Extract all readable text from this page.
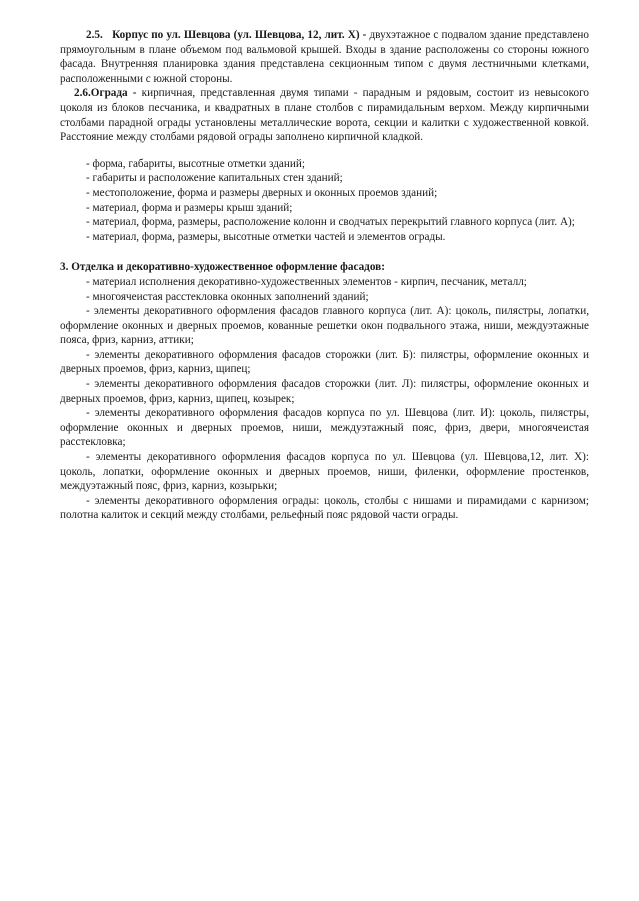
2.5. Корпус по ул. Шевцова (ул. Шевцова, 12, лит. Х) - двухэтажное с подвалом здание представлено прямоугольным в плане объемом под вальмовой крышей. Входы в здание расположены со стороны южного фасада. Внутренняя планировка здания представлена секционным типом с двумя лестничными клетками, расположенными с южной стороны.

2.6.Ограда - кирпичная, представленная двумя типами - парадным и рядовым, состоит из невысокого цоколя из блоков песчаника, и квадратных в плане столбов с пирамидальным верхом. Между кирпичными столбами парадной ограды установлены металлические ворота, секции и калитки с художественной ковкой. Расстояние между столбами рядовой ограды заполнено кирпичной кладкой.

- форма, габариты, высотные отметки зданий;

- габариты и расположение капитальных стен зданий;

- местоположение, форма и размеры дверных и оконных проемов зданий;

- материал, форма и размеры крыш зданий;

- материал, форма, размеры, расположение колонн и сводчатых перекрытий главного корпуса (лит. А);

- материал, форма, размеры, высотные отметки частей и элементов ограды.

3. Отделка и декоративно-художественное оформление фасадов:

- материал исполнения декоративно-художественных элементов - кирпич, песчаник, металл;

- многоячеистая расстекловка оконных заполнений зданий;

- элементы декоративного оформления фасадов главного корпуса (лит. А): цоколь, пилястры, лопатки, оформление оконных и дверных проемов, кованные решетки окон подвального этажа, ниши, междуэтажные пояса, фриз, карниз, аттики;

- элементы декоративного оформления фасадов сторожки (лит. Б): пилястры, оформление оконных и дверных проемов, фриз, карниз, щипец;

- элементы декоративного оформления фасадов сторожки (лит. Л): пилястры, оформление оконных и дверных проемов, фриз, карниз, щипец, козырек;

- элементы декоративного оформления фасадов корпуса по ул. Шевцова (лит. И): цоколь, пилястры, оформление оконных и дверных проемов, ниши, междуэтажный пояс, фриз, двери, многоячеистая расстекловка;

- элементы декоративного оформления фасадов корпуса по ул. Шевцова (ул. Шевцова,12, лит. Х): цоколь, лопатки, оформление оконных и дверных проемов, ниши, филенки, оформление простенков, междуэтажный пояс, фриз, карниз, козырьки;

- элементы декоративного оформления ограды: цоколь, столбы с нишами и пирамидами с карнизом; полотна калиток и секций между столбами, рельефный пояс рядовой части ограды.
